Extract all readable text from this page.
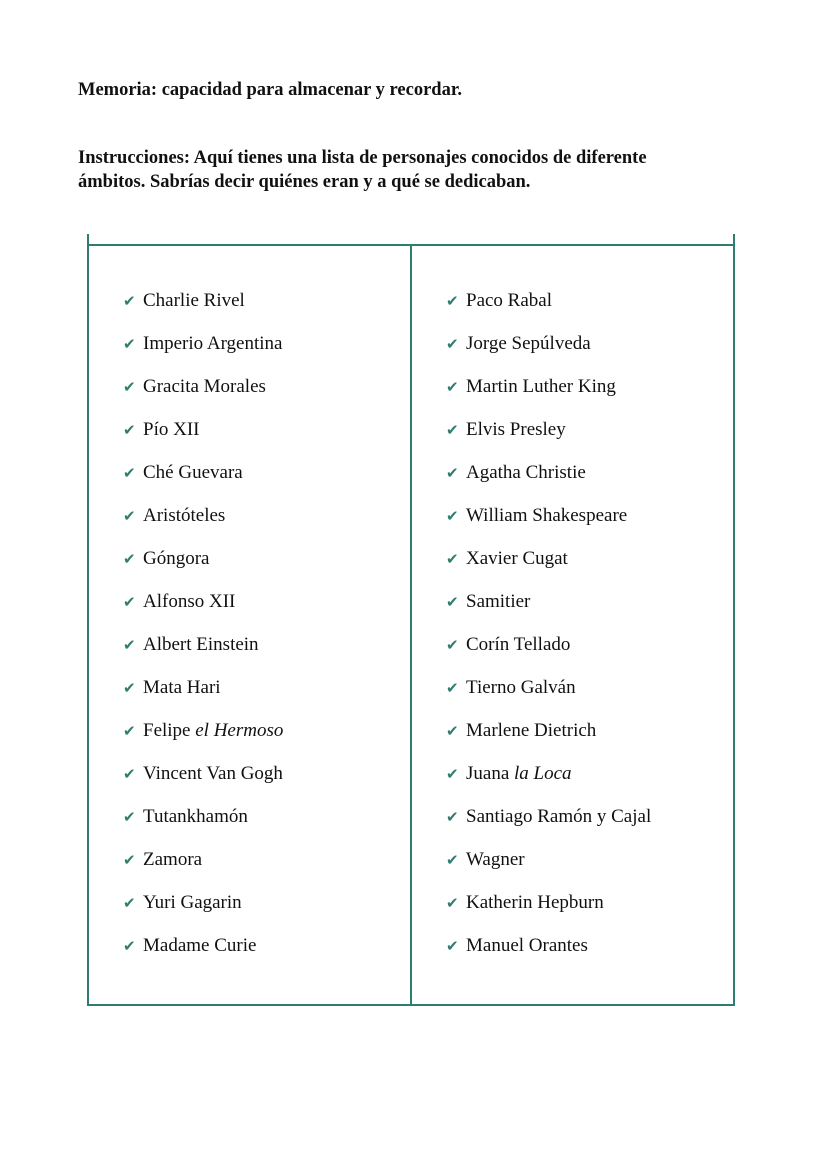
Memoria: capacidad para almacenar y recordar.

Instrucciones: Aquí tienes una lista de personajes conocidos de diferente
ámbitos. Sabrías decir quiénes eran y a qué se dedicaban.

✔ Charlie Rivel
✔ Imperio Argentina
✔ Gracita Morales
✔ Pío XII
✔ Ché Guevara
✔ Aristóteles
✔ Góngora
✔ Alfonso XII
✔ Albert Einstein
✔ Mata Hari
✔ Felipe el Hermoso
✔ Vincent Van Gogh
✔ Tutankhamón
✔ Zamora
✔ Yuri Gagarin
✔ Madame Curie
✔ Paco Rabal
✔ Jorge Sepúlveda
✔ Martin Luther King
✔ Elvis Presley
✔ Agatha Christie
✔ William Shakespeare
✔ Xavier Cugat
✔ Samitier
✔ Corín Tellado
✔ Tierno Galván
✔ Marlene Dietrich
✔ Juana la Loca
✔ Santiago Ramón y Cajal
✔ Wagner
✔ Katherin Hepburn
✔ Manuel Orantes
